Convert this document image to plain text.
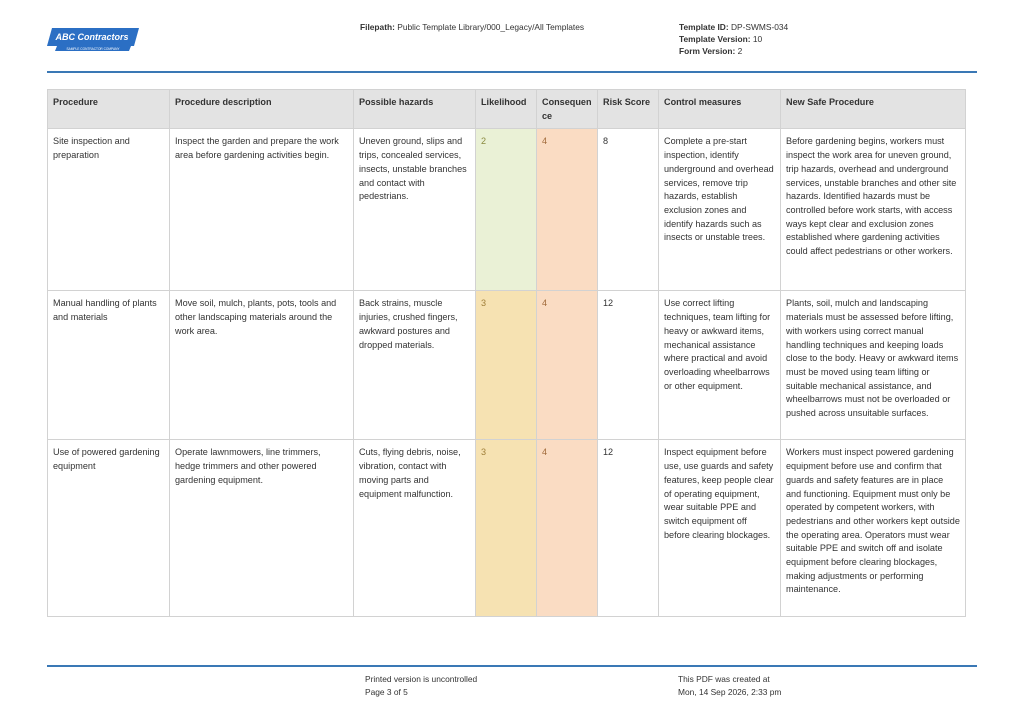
ABC Contractors
SAMPLE CONTRACTOR COMPANY
Filepath: Public Template Library/000_Legacy/All Templates	Template ID: DP-SWMS-034
Template Version: 10
Form Version: 2
Procedure	Procedure description	Possible hazards	Likelihood	Consequen ce	Risk Score	Control measures	New Safe Procedure
Site inspection and preparation	Inspect the garden and prepare the work area before gardening activities begin.	Uneven ground, slips and trips, concealed services, insects, unstable branches and contact with pedestrians.	2	4	8	Complete a pre-start inspection, identify underground and overhead services, remove trip hazards, establish exclusion zones and identify hazards such as insects or unstable trees.	Before gardening begins, workers must inspect the work area for uneven ground, trip hazards, overhead and underground services, unstable branches and other site hazards. Identified hazards must be controlled before work starts, with access ways kept clear and exclusion zones established where gardening activities could affect pedestrians or other workers.
Manual handling of plants and materials	Move soil, mulch, plants, pots, tools and other landscaping materials around the work area.	Back strains, muscle injuries, crushed fingers, awkward postures and dropped materials.	3	4	12	Use correct lifting techniques, team lifting for heavy or awkward items, mechanical assistance where practical and avoid overloading wheelbarrows or other equipment.	Plants, soil, mulch and landscaping materials must be assessed before lifting, with workers using correct manual handling techniques and keeping loads close to the body. Heavy or awkward items must be moved using team lifting or suitable mechanical assistance, and wheelbarrows must not be overloaded or pushed across unsuitable surfaces.
Use of powered gardening equipment	Operate lawnmowers, line trimmers, hedge trimmers and other powered gardening equipment.	Cuts, flying debris, noise, vibration, contact with moving parts and equipment malfunction.	3	4	12	Inspect equipment before use, use guards and safety features, keep people clear of operating equipment, wear suitable PPE and switch equipment off before clearing blockages.	Workers must inspect powered gardening equipment before use and confirm that guards and safety features are in place and functioning. Equipment must only be operated by competent workers, with pedestrians and other workers kept outside the operating area. Operators must wear suitable PPE and switch off and isolate equipment before clearing blockages, making adjustments or performing maintenance.
Printed version is uncontrolled
Page 3 of 5
This PDF was created at
Mon, 14 Sep 2026, 2:33 pm
